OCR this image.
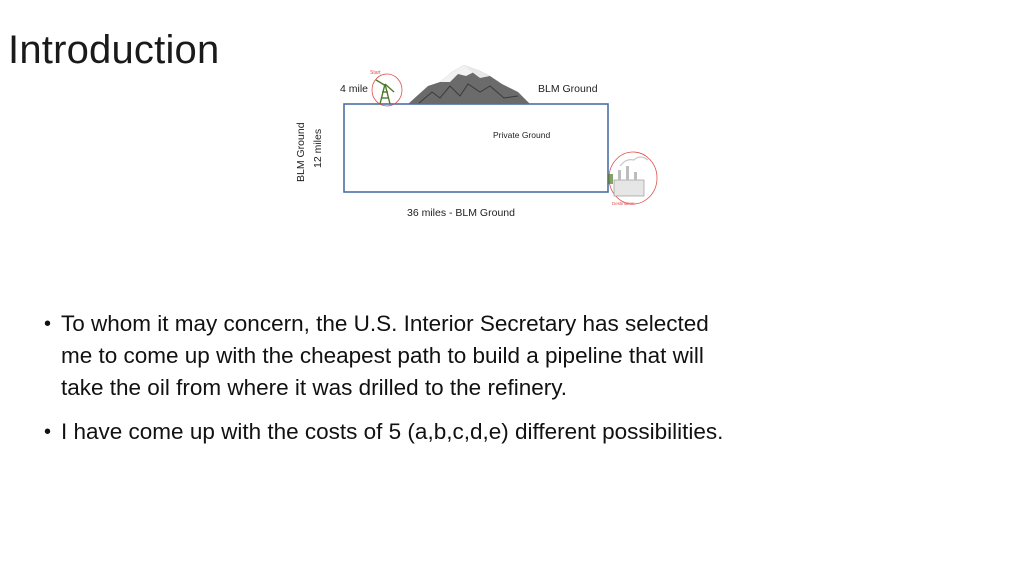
Introduction
Start
4 mile	BLM Ground
Private Ground
BLM Ground 12 miles
36 miles - BLM Ground
Destination
• To whom it may concern, the U.S. Interior Secretary has selected me to come up with the cheapest path to build a pipeline that will take the oil from where it was drilled to the refinery.
• I have come up with the costs of 5 (a,b,c,d,e) different possibilities.
